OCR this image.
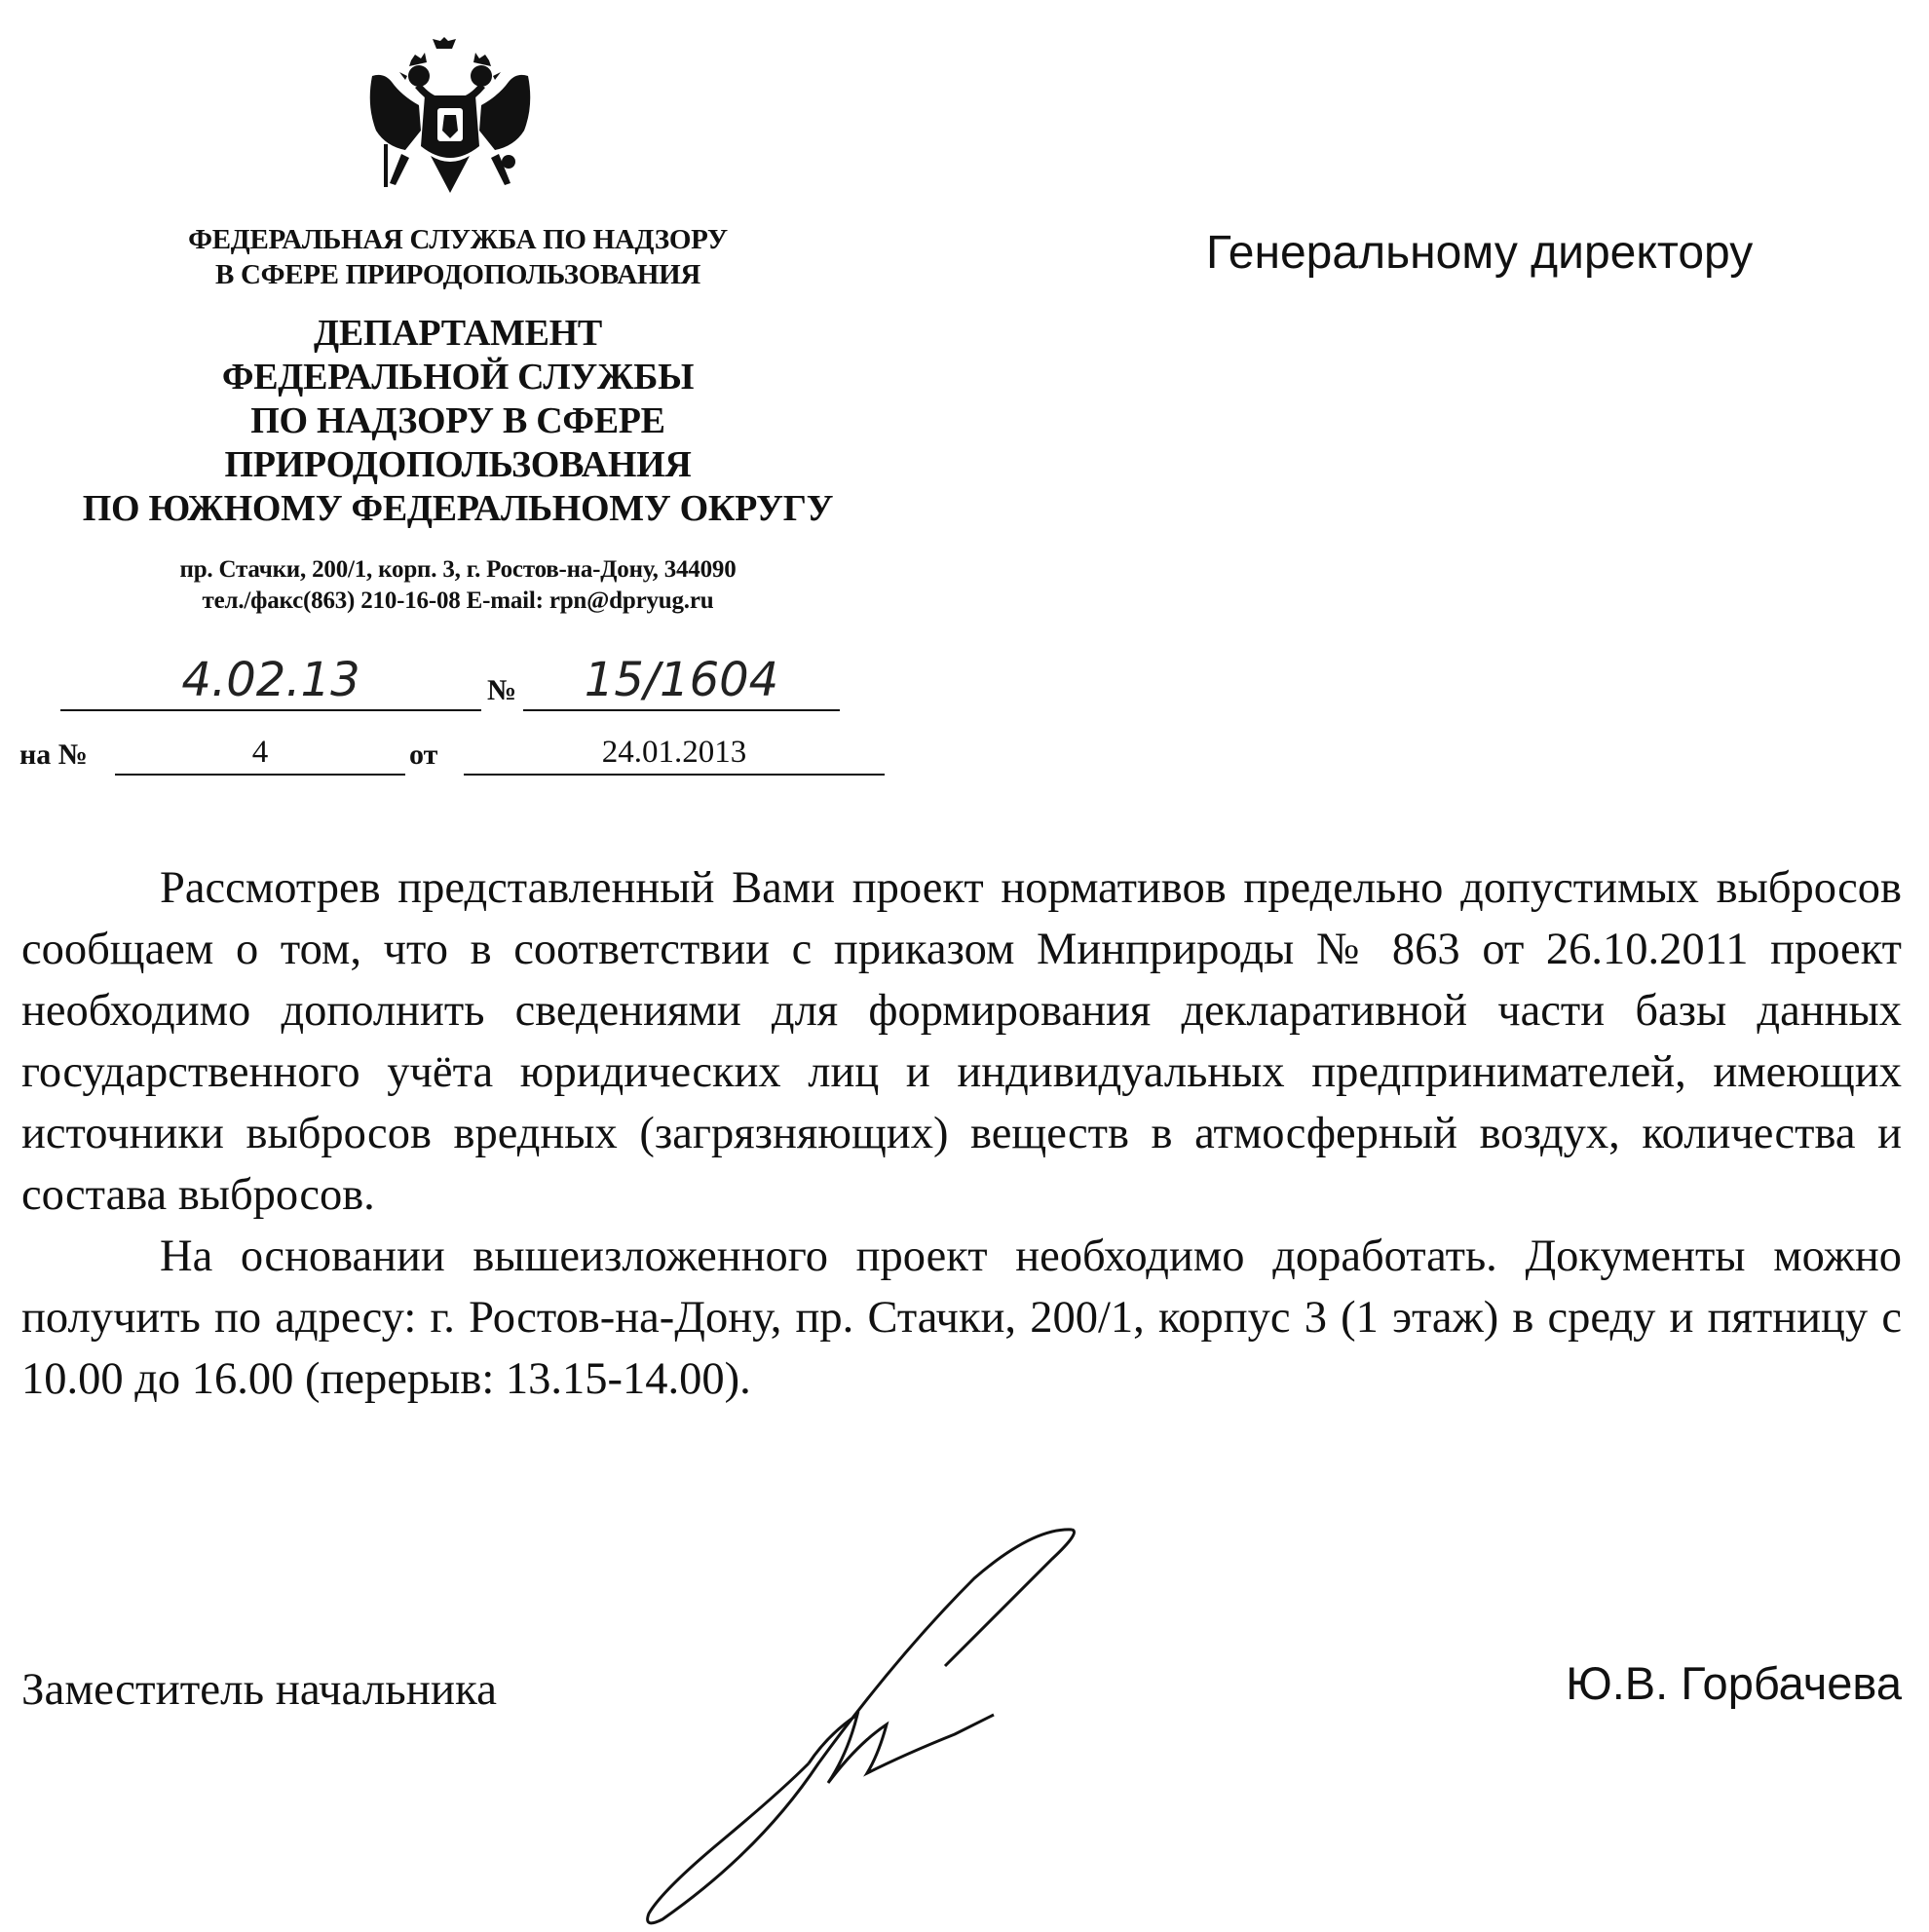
ФЕДЕРАЛЬНАЯ СЛУЖБА ПО НАДЗОРУ
В СФЕРЕ ПРИРОДОПОЛЬЗОВАНИЯ

ДЕПАРТАМЕНТ
ФЕДЕРАЛЬНОЙ СЛУЖБЫ
ПО НАДЗОРУ В СФЕРЕ
ПРИРОДОПОЛЬЗОВАНИЯ
ПО ЮЖНОМУ ФЕДЕРАЛЬНОМУ ОКРУГУ

пр. Стачки, 200/1, корп. 3, г. Ростов-на-Дону, 344090
тел./факс(863) 210-16-08 E-mail: rpn@dpryug.ru

4.02.13	№	15/1604
на №	4	от	24.01.2013
Генеральному директору

Рассмотрев представленный Вами проект нормативов предельно допустимых выбросов сообщаем о том, что в соответствии с приказом Минприроды № 863 от 26.10.2011 проект необходимо дополнить сведениями для формирования декларативной части базы данных государственного учёта юридических лиц и индивидуальных предпринимателей, имеющих источники выбросов вредных (загрязняющих) веществ в атмосферный воздух, количества и состава выбросов.

На основании вышеизложенного проект необходимо доработать. Документы можно получить по адресу: г. Ростов-на-Дону, пр. Стачки, 200/1, корпус 3 (1 этаж) в среду и пятницу с 10.00 до 16.00 (перерыв: 13.15-14.00).

Заместитель начальника	Ю.В. Горбачева
